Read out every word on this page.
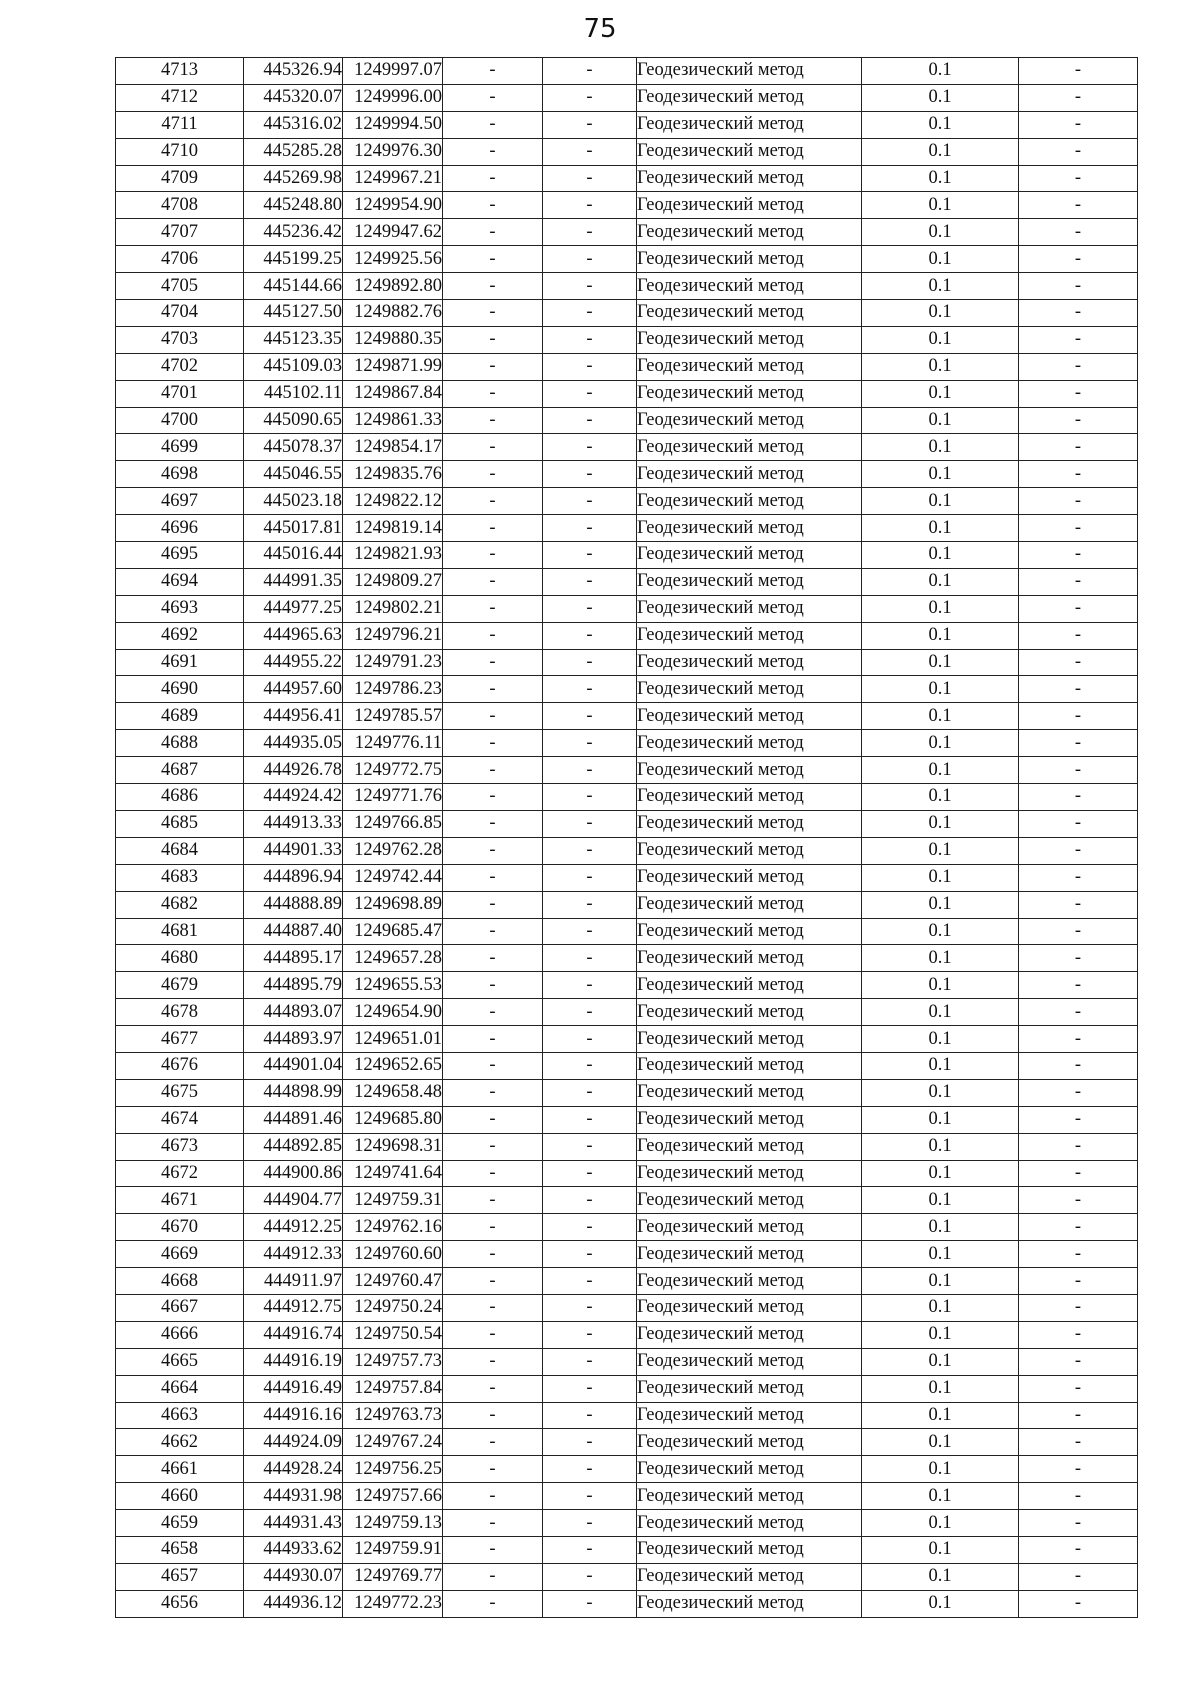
75
4713	445326.94	1249997.07	-	-	Геодезический метод	0.1	-
4712	445320.07	1249996.00	-	-	Геодезический метод	0.1	-
4711	445316.02	1249994.50	-	-	Геодезический метод	0.1	-
4710	445285.28	1249976.30	-	-	Геодезический метод	0.1	-
4709	445269.98	1249967.21	-	-	Геодезический метод	0.1	-
4708	445248.80	1249954.90	-	-	Геодезический метод	0.1	-
4707	445236.42	1249947.62	-	-	Геодезический метод	0.1	-
4706	445199.25	1249925.56	-	-	Геодезический метод	0.1	-
4705	445144.66	1249892.80	-	-	Геодезический метод	0.1	-
4704	445127.50	1249882.76	-	-	Геодезический метод	0.1	-
4703	445123.35	1249880.35	-	-	Геодезический метод	0.1	-
4702	445109.03	1249871.99	-	-	Геодезический метод	0.1	-
4701	445102.11	1249867.84	-	-	Геодезический метод	0.1	-
4700	445090.65	1249861.33	-	-	Геодезический метод	0.1	-
4699	445078.37	1249854.17	-	-	Геодезический метод	0.1	-
4698	445046.55	1249835.76	-	-	Геодезический метод	0.1	-
4697	445023.18	1249822.12	-	-	Геодезический метод	0.1	-
4696	445017.81	1249819.14	-	-	Геодезический метод	0.1	-
4695	445016.44	1249821.93	-	-	Геодезический метод	0.1	-
4694	444991.35	1249809.27	-	-	Геодезический метод	0.1	-
4693	444977.25	1249802.21	-	-	Геодезический метод	0.1	-
4692	444965.63	1249796.21	-	-	Геодезический метод	0.1	-
4691	444955.22	1249791.23	-	-	Геодезический метод	0.1	-
4690	444957.60	1249786.23	-	-	Геодезический метод	0.1	-
4689	444956.41	1249785.57	-	-	Геодезический метод	0.1	-
4688	444935.05	1249776.11	-	-	Геодезический метод	0.1	-
4687	444926.78	1249772.75	-	-	Геодезический метод	0.1	-
4686	444924.42	1249771.76	-	-	Геодезический метод	0.1	-
4685	444913.33	1249766.85	-	-	Геодезический метод	0.1	-
4684	444901.33	1249762.28	-	-	Геодезический метод	0.1	-
4683	444896.94	1249742.44	-	-	Геодезический метод	0.1	-
4682	444888.89	1249698.89	-	-	Геодезический метод	0.1	-
4681	444887.40	1249685.47	-	-	Геодезический метод	0.1	-
4680	444895.17	1249657.28	-	-	Геодезический метод	0.1	-
4679	444895.79	1249655.53	-	-	Геодезический метод	0.1	-
4678	444893.07	1249654.90	-	-	Геодезический метод	0.1	-
4677	444893.97	1249651.01	-	-	Геодезический метод	0.1	-
4676	444901.04	1249652.65	-	-	Геодезический метод	0.1	-
4675	444898.99	1249658.48	-	-	Геодезический метод	0.1	-
4674	444891.46	1249685.80	-	-	Геодезический метод	0.1	-
4673	444892.85	1249698.31	-	-	Геодезический метод	0.1	-
4672	444900.86	1249741.64	-	-	Геодезический метод	0.1	-
4671	444904.77	1249759.31	-	-	Геодезический метод	0.1	-
4670	444912.25	1249762.16	-	-	Геодезический метод	0.1	-
4669	444912.33	1249760.60	-	-	Геодезический метод	0.1	-
4668	444911.97	1249760.47	-	-	Геодезический метод	0.1	-
4667	444912.75	1249750.24	-	-	Геодезический метод	0.1	-
4666	444916.74	1249750.54	-	-	Геодезический метод	0.1	-
4665	444916.19	1249757.73	-	-	Геодезический метод	0.1	-
4664	444916.49	1249757.84	-	-	Геодезический метод	0.1	-
4663	444916.16	1249763.73	-	-	Геодезический метод	0.1	-
4662	444924.09	1249767.24	-	-	Геодезический метод	0.1	-
4661	444928.24	1249756.25	-	-	Геодезический метод	0.1	-
4660	444931.98	1249757.66	-	-	Геодезический метод	0.1	-
4659	444931.43	1249759.13	-	-	Геодезический метод	0.1	-
4658	444933.62	1249759.91	-	-	Геодезический метод	0.1	-
4657	444930.07	1249769.77	-	-	Геодезический метод	0.1	-
4656	444936.12	1249772.23	-	-	Геодезический метод	0.1	-
